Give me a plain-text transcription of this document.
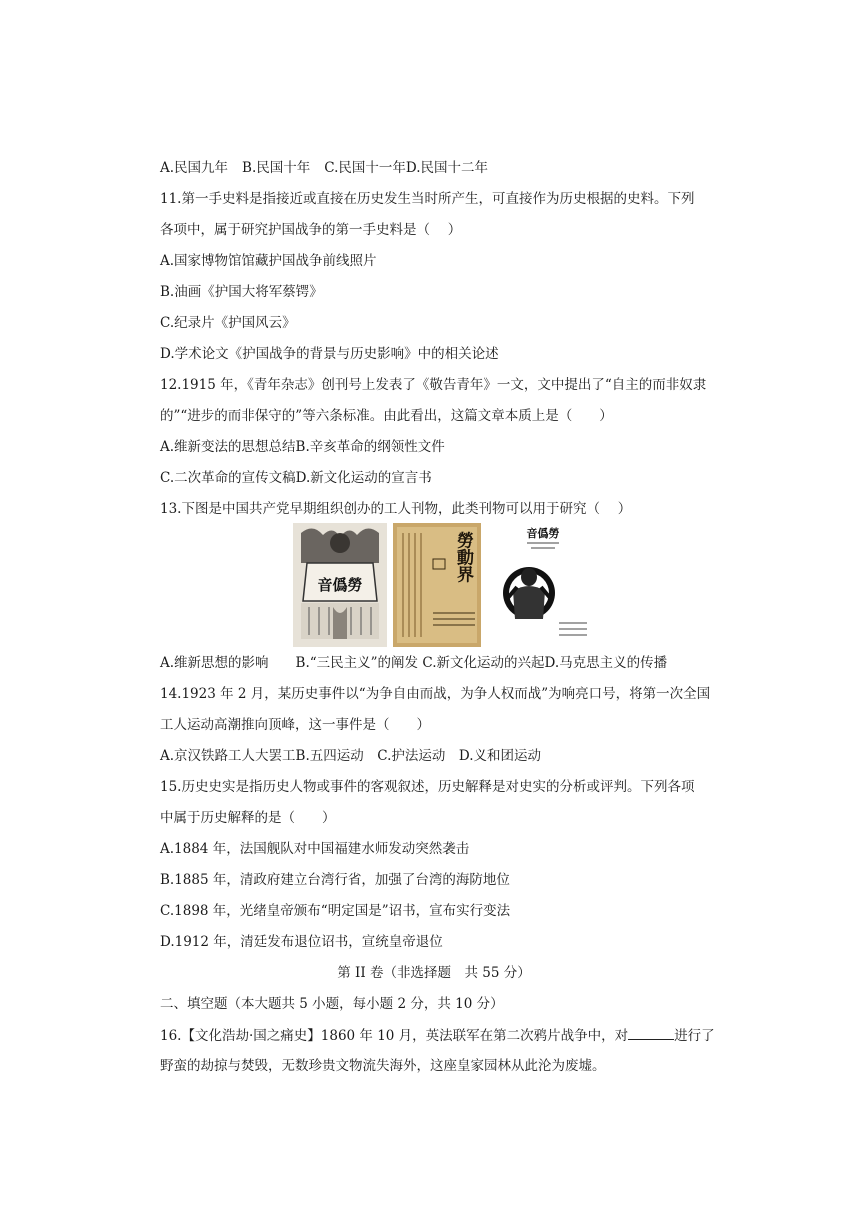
A.民国九年 B.民国十年 C.民国十一年D.民国十二年
11.第一手史料是指接近或直接在历史发生当时所产生，可直接作为历史根据的史料。下列
各项中，属于研究护国战争的第一手史料是（　 ）
A.国家博物馆馆藏护国战争前线照片
B.油画《护国大将军蔡锷》
C.纪录片《护国风云》
D.学术论文《护国战争的背景与历史影响》中的相关论述
12.1915 年，《青年杂志》创刊号上发表了《敬告青年》一文，文中提出了“自主的而非奴隶
的”“进步的而非保守的”等六条标准。由此看出，这篇文章本质上是（　　）
A.维新变法的思想总结B.辛亥革命的纲领性文件
C.二次革命的宣传文稿D.新文化运动的宣言书
13.下图是中国共产党早期组织创办的工人刊物，此类刊物可以用于研究（　 ）
音僞勞
勞動界	音僞勞
A.维新思想的影响　　B.“三民主义”的阐发 C.新文化运动的兴起D.马克思主义的传播
14.1923 年 2 月，某历史事件以“为争自由而战，为争人权而战”为响亮口号，将第一次全国
工人运动高潮推向顶峰，这一事件是（　　）
A.京汉铁路工人大罢工B.五四运动　C.护法运动　D.义和团运动
15.历史史实是指历史人物或事件的客观叙述，历史解释是对史实的分析或评判。下列各项
中属于历史解释的是（　　）
A.1884 年，法国舰队对中国福建水师发动突然袭击
B.1885 年，清政府建立台湾行省，加强了台湾的海防地位
C.1898 年，光绪皇帝颁布“明定国是”诏书，宣布实行变法
D.1912 年，清廷发布退位诏书，宣统皇帝退位
第 II 卷（非选择题　共 55 分）
二、填空题（本大题共 5 小题，每小题 2 分，共 10 分）
16.【文化浩劫·国之痛史】1860 年 10 月，英法联军在第二次鸦片战争中，对	进行了
野蛮的劫掠与焚毁，无数珍贵文物流失海外，这座皇家园林从此沦为废墟。
